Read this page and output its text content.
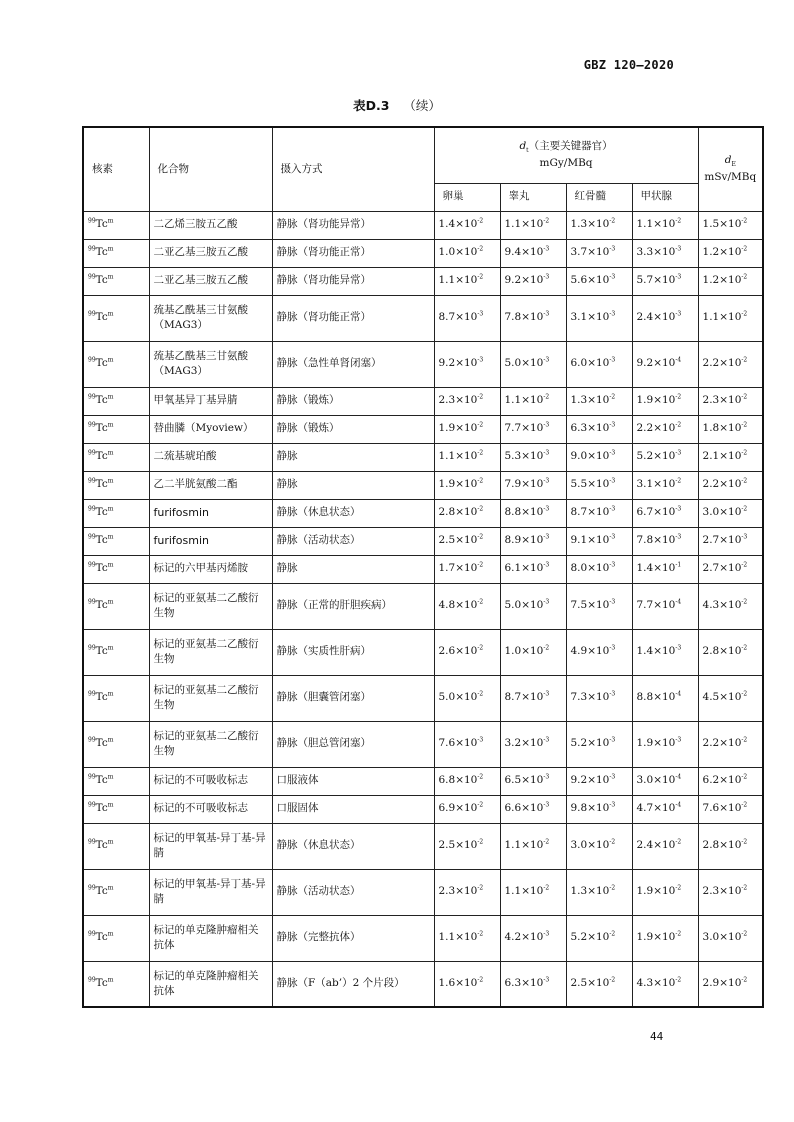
GBZ 120—2020
表D.3 （续）
核素	化合物	摄入方式	$d_t$（主要关键器官）
mGy/MBq				$d_E$
mSv/MBq
			卵巢	睾丸	红骨髓	甲状腺	
$^{99}$Tc$^m$	二乙烯三胺五乙酸	静脉（肾功能异常）	$1.4\times 10^{-2}$	$1.1\times 10^{-2}$	$1.3\times 10^{-2}$	$1.1\times 10^{-2}$	$1.5\times 10^{-2}$
$^{99}$Tc$^m$	二亚乙基三胺五乙酸	静脉（肾功能正常）	$1.0\times 10^{-2}$	$9.4\times 10^{-3}$	$3.7\times 10^{-3}$	$3.3\times 10^{-3}$	$1.2\times 10^{-2}$
$^{99}$Tc$^m$	二亚乙基三胺五乙酸	静脉（肾功能异常）	$1.1\times 10^{-2}$	$9.2\times 10^{-3}$	$5.6\times 10^{-3}$	$5.7\times 10^{-3}$	$1.2\times 10^{-2}$
$^{99}$Tc$^m$	巯基乙酰基三甘氨酸（MAG3）	静脉（肾功能正常）	$8.7\times 10^{-3}$	$7.8\times 10^{-3}$	$3.1\times 10^{-3}$	$2.4\times 10^{-3}$	$1.1\times 10^{-2}$
$^{99}$Tc$^m$	巯基乙酰基三甘氨酸（MAG3）	静脉（急性单肾闭塞）	$9.2\times 10^{-3}$	$5.0\times 10^{-3}$	$6.0\times 10^{-3}$	$9.2\times 10^{-4}$	$2.2\times 10^{-2}$
$^{99}$Tc$^m$	甲氧基异丁基异腈	静脉（锻炼）	$2.3\times 10^{-2}$	$1.1\times 10^{-2}$	$1.3\times 10^{-2}$	$1.9\times 10^{-2}$	$2.3\times 10^{-2}$
$^{99}$Tc$^m$	替曲膦（Myoview）	静脉（锻炼）	$1.9\times 10^{-2}$	$7.7\times 10^{-3}$	$6.3\times 10^{-3}$	$2.2\times 10^{-2}$	$1.8\times 10^{-2}$
$^{99}$Tc$^m$	二巯基琥珀酸	静脉	$1.1\times 10^{-2}$	$5.3\times 10^{-3}$	$9.0\times 10^{-3}$	$5.2\times 10^{-3}$	$2.1\times 10^{-2}$
$^{99}$Tc$^m$	乙二半胱氨酸二酯	静脉	$1.9\times 10^{-2}$	$7.9\times 10^{-3}$	$5.5\times 10^{-3}$	$3.1\times 10^{-2}$	$2.2\times 10^{-2}$
$^{99}$Tc$^m$	furifosmin	静脉（休息状态）	$2.8\times 10^{-2}$	$8.8\times 10^{-3}$	$8.7\times 10^{-3}$	$6.7\times 10^{-3}$	$3.0\times 10^{-2}$
$^{99}$Tc$^m$	furifosmin	静脉（活动状态）	$2.5\times 10^{-2}$	$8.9\times 10^{-3}$	$9.1\times 10^{-3}$	$7.8\times 10^{-3}$	$2.7\times 10^{-3}$
$^{99}$Tc$^m$	标记的六甲基丙烯胺	静脉	$1.7\times 10^{-2}$	$6.1\times 10^{-3}$	$8.0\times 10^{-3}$	$1.4\times 10^{-1}$	$2.7\times 10^{-2}$
$^{99}$Tc$^m$	标记的亚氨基二乙酸衍生物	静脉（正常的肝胆疾病）	$4.8\times 10^{-2}$	$5.0\times 10^{-3}$	$7.5\times 10^{-3}$	$7.7\times 10^{-4}$	$4.3\times 10^{-2}$
$^{99}$Tc$^m$	标记的亚氨基二乙酸衍生物	静脉（实质性肝病）	$2.6\times 10^{-2}$	$1.0\times 10^{-2}$	$4.9\times 10^{-3}$	$1.4\times 10^{-3}$	$2.8\times 10^{-2}$
$^{99}$Tc$^m$	标记的亚氨基二乙酸衍生物	静脉（胆囊管闭塞）	$5.0\times 10^{-2}$	$8.7\times 10^{-3}$	$7.3\times 10^{-3}$	$8.8\times 10^{-4}$	$4.5\times 10^{-2}$
$^{99}$Tc$^m$	标记的亚氨基二乙酸衍生物	静脉（胆总管闭塞）	$7.6\times 10^{-3}$	$3.2\times 10^{-3}$	$5.2\times 10^{-3}$	$1.9\times 10^{-3}$	$2.2\times 10^{-2}$
$^{99}$Tc$^m$	标记的不可吸收标志	口服液体	$6.8\times 10^{-2}$	$6.5\times 10^{-3}$	$9.2\times 10^{-3}$	$3.0\times 10^{-4}$	$6.2\times 10^{-2}$
$^{99}$Tc$^m$	标记的不可吸收标志	口服固体	$6.9\times 10^{-2}$	$6.6\times 10^{-3}$	$9.8\times 10^{-3}$	$4.7\times 10^{-4}$	$7.6\times 10^{-2}$
$^{99}$Tc$^m$	标记的甲氧基-异丁基-异腈	静脉（休息状态）	$2.5\times 10^{-2}$	$1.1\times 10^{-2}$	$3.0\times 10^{-2}$	$2.4\times 10^{-2}$	$2.8\times 10^{-2}$
$^{99}$Tc$^m$	标记的甲氧基-异丁基-异腈	静脉（活动状态）	$2.3\times 10^{-2}$	$1.1\times 10^{-2}$	$1.3\times 10^{-2}$	$1.9\times 10^{-2}$	$2.3\times 10^{-2}$
$^{99}$Tc$^m$	标记的单克隆肿瘤相关抗体	静脉（完整抗体）	$1.1\times 10^{-2}$	$4.2\times 10^{-3}$	$5.2\times 10^{-2}$	$1.9\times 10^{-2}$	$3.0\times 10^{-2}$
$^{99}$Tc$^m$	标记的单克隆肿瘤相关抗体	静脉（F（ab’）2 个片段）	$1.6\times 10^{-2}$	$6.3\times 10^{-3}$	$2.5\times 10^{-2}$	$4.3\times 10^{-2}$	$2.9\times 10^{-2}$
44
